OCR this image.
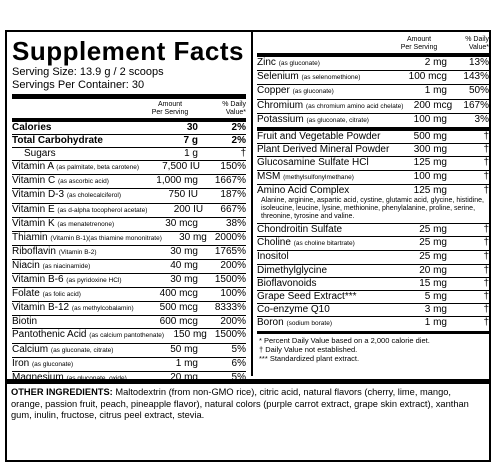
Supplement Facts
Serving Size: 13.9 g / 2 scoops
Servings Per Container: 30
Amount
Per Serving
% Daily
Value*
Calories	30	2%
Total Carbohydrate	7 g	2%
Sugars	1 g	†
Vitamin A (as palmitate, beta carotene)	7,500 IU	150%
Vitamin C (as ascorbic acid)	1,000 mg	1667%
Vitamin D-3 (as cholecalciferol)	750 IU	187%
Vitamin E (as d-alpha tocopherol acetate)	200 IU	667%
Vitamin K (as menatetrenone)	30 mcg	38%
Thiamin (Vitamin B-1)(as thiamine mononitrate)	30 mg 2000%
Riboflavin (Vitamin B-2)	30 mg	1765%
Niacin (as niacinamide)	40 mg	200%
Vitamin B-6 (as pyridoxine HCl)	30 mg	1500%
Folate (as folic acid)	400 mcg	100%
Vitamin B-12 (as methylcobalamin)	500 mcg	8333%
Biotin	600 mcg	200%
Pantothenic Acid (as calcium pantothenate) 150 mg 1500%
Calcium (as gluconate, citrate)	50 mg	5%
Iron (as gluconate)	1 mg	6%
Magnesium (as gluconate, oxide)	20 mg	5%
Amount
Per Serving
% Daily
Value*
Zinc (as gluconate)	2 mg	13%
Selenium (as selenomethione)	100 mcg	143%
Copper (as gluconate)	1 mg	50%
Chromium (as chromium amino acid chelate)	200 mcg	167%
Potassium (as gluconate, citrate)	100 mg	3%
Fruit and Vegetable Powder	500 mg	†
Plant Derived Mineral Powder	300 mg	†
Glucosamine Sulfate HCl	125 mg	†
MSM (methylsulfonylmethane)	100 mg	†
Amino Acid Complex	125 mg	†
Alanine, arginine, aspartic acid, cystine, glutamic acid, glycine, histidine, isoleucine, leucine, lysine, methionine, phenylalanine, proline, serine, threonine, tyrosine and valine.
Chondroitin Sulfate	25 mg	†
Choline (as choline bitartrate)	25 mg	†
Inositol	25 mg	†
Dimethylglycine	20 mg	†
Bioflavonoids	15 mg	†
Grape Seed Extract***	5 mg	†
Co-enzyme Q10	3 mg	†
Boron (sodium borate)	1 mg	†
* Percent Daily Value based on a 2,000 calorie diet.
† Daily Value not established.
*** Standardized plant extract.
OTHER INGREDIENTS: Maltodextrin (from non-GMO rice), citric acid, natural flavors (cherry, lime, mango, orange, passion fruit, peach, pineapple flavor), natural colors (purple carrot extract, grape skin extract), xanthan gum, inulin, fructose, citrus peel extract, stevia.
